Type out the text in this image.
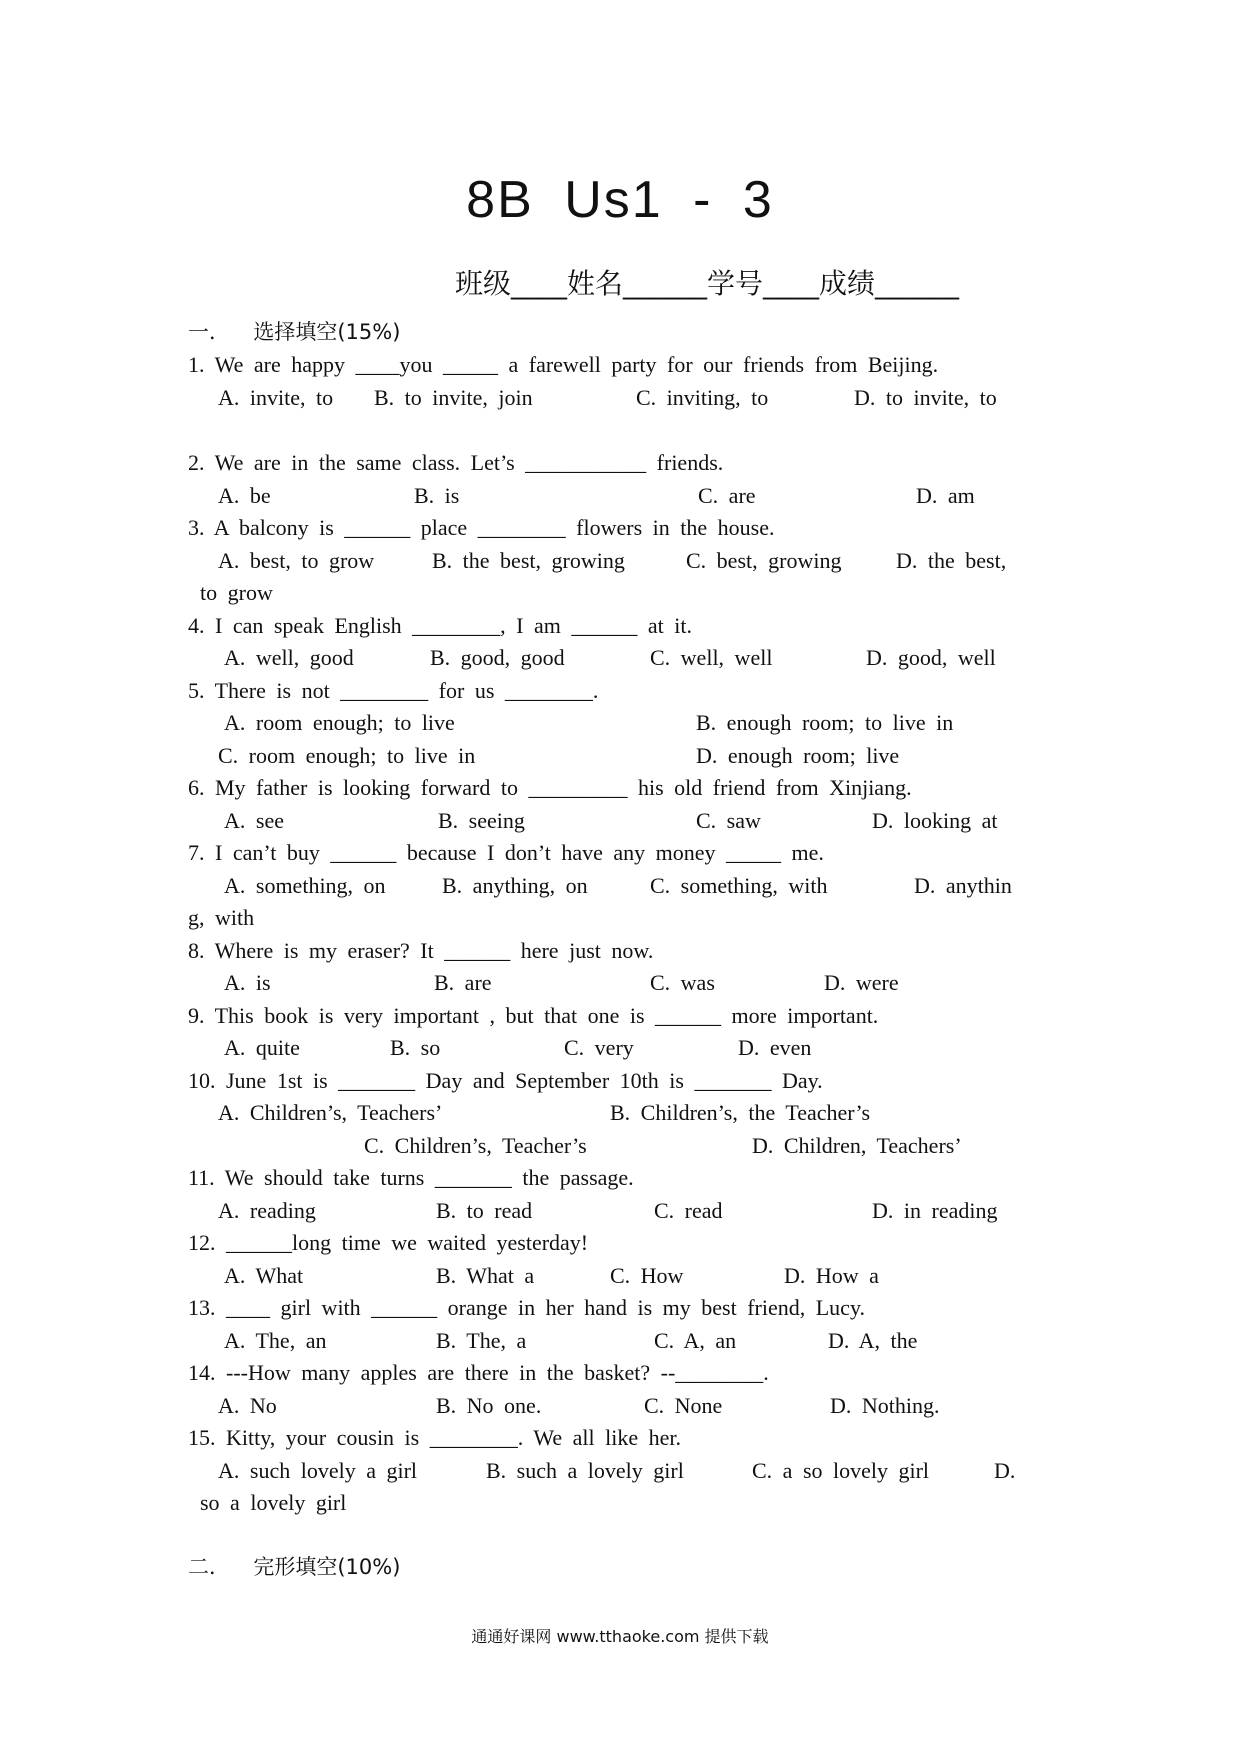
8B Us1 - 3
班级____姓名______学号____成绩______
一．  选择填空(15%)
1. We are happy ____you _____ a farewell party for our friends from Beijing.
A. invite, to	B. to invite, join	C. inviting, to	D. to invite, to
2. We are in the same class. Let’s ___________ friends.
A. be	B. is	C. are	D. am
3. A balcony is ______ place ________ flowers in the house.
A. best, to grow	B. the best, growing	C. best, growing	D. the best,
to grow
4. I can speak English ________, I am ______ at it.
A. well, good	B. good, good	C. well, well	D. good, well
5. There is not ________ for us ________.
A. room enough; to live	B. enough room; to live in
C. room enough; to live in	D. enough room; live
6. My father is looking forward to _________ his old friend from Xinjiang.
A. see	B. seeing	C. saw	D. looking at
7. I can’t buy ______ because I don’t have any money _____ me.
A. something, on	B. anything, on	C. something, with	D. anythin
g, with
8. Where is my eraser? It ______ here just now.
A. is	B. are	C. was	D. were
9. This book is very important , but that one is ______ more important.
A. quite	B. so	C. very	D. even
10. June 1st is _______ Day and September 10th is _______ Day.
A. Children’s, Teachers’	B. Children’s, the Teacher’s
C. Children’s, Teacher’s	D. Children, Teachers’
11. We should take turns _______ the passage.
A. reading	B. to read	C. read	D. in reading
12. ______long time we waited yesterday!
A. What	B. What a	C. How	D. How a
13. ____ girl with ______ orange in her hand is my best friend, Lucy.
A. The, an	B. The, a	C. A, an	D. A, the
14. ---How many apples are there in the basket? --________.
A. No	B. No one.	C. None	D. Nothing.
15. Kitty, your cousin is ________. We all like her.
A. such lovely a girl	B. such a lovely girl	C. a so lovely girl	D.
so a lovely girl
二．  完形填空(10%)
通通好课网 www.tthaoke.com 提供下载
